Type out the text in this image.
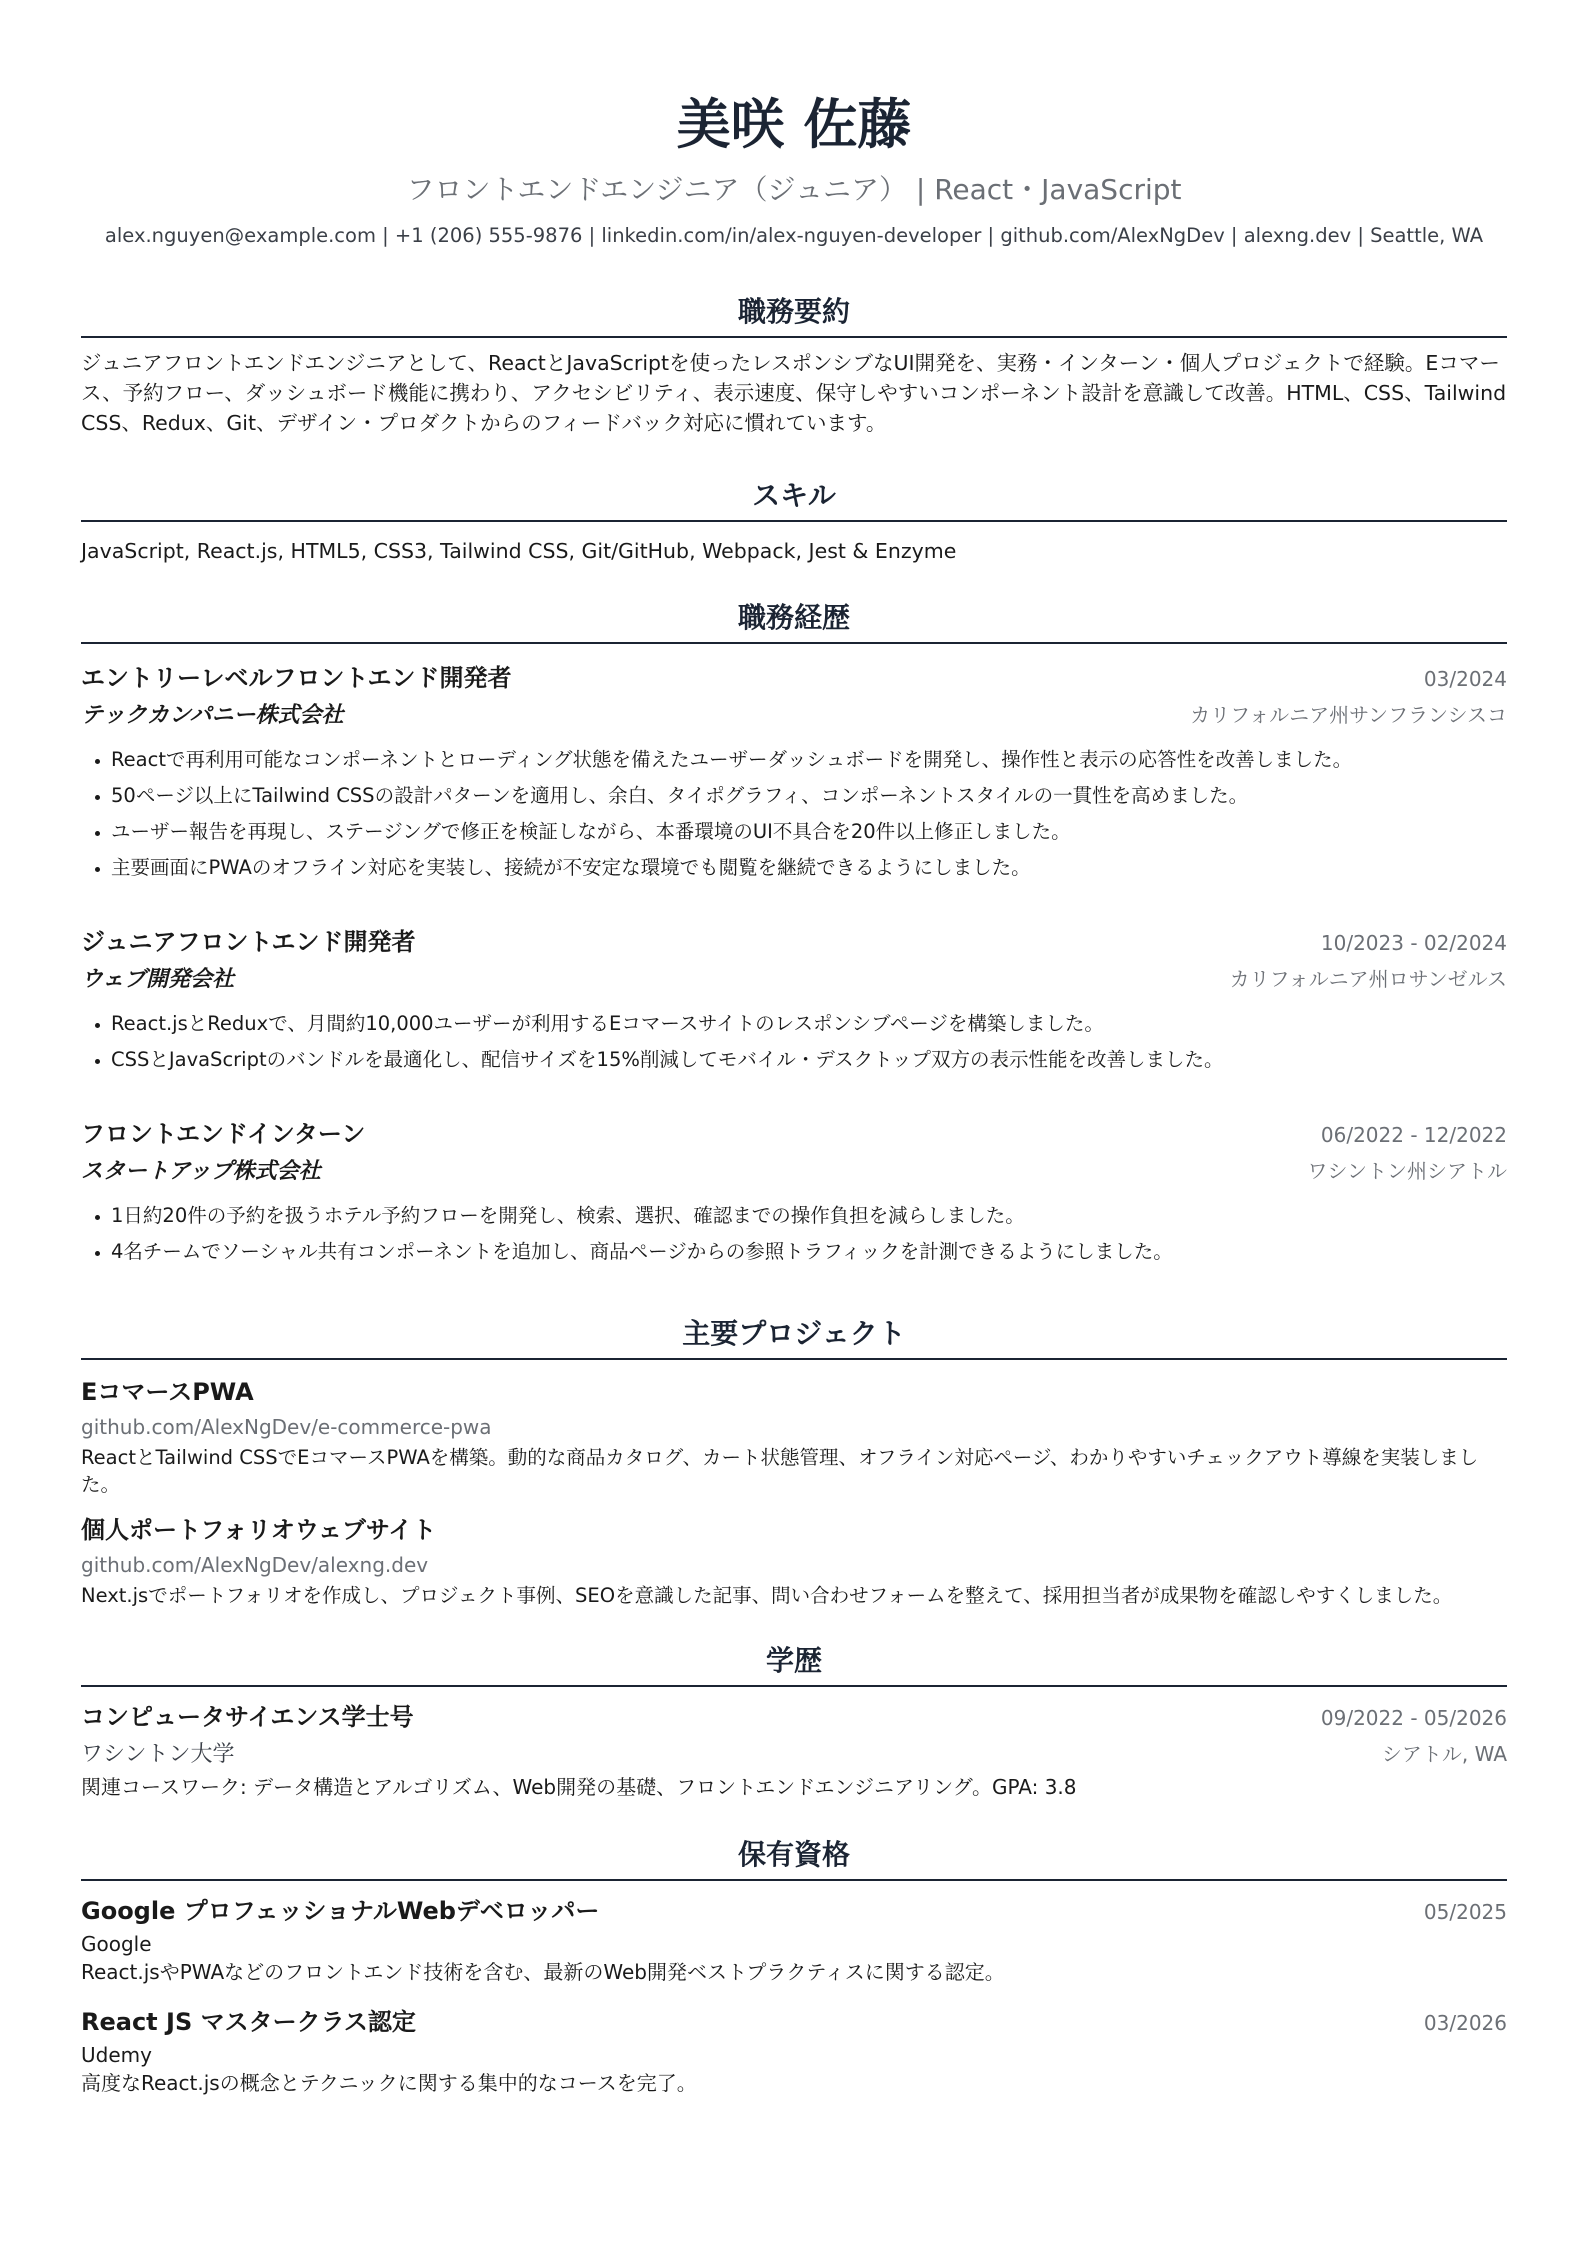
美咲 佐藤
フロントエンドエンジニア（ジュニア） | React・JavaScript
alex.nguyen@example.com | +1 (206) 555-9876 | linkedin.com/in/alex-nguyen-developer | github.com/AlexNgDev | alexng.dev | Seattle, WA
職務要約
ジュニアフロントエンドエンジニアとして、ReactとJavaScriptを使ったレスポンシブなUI開発を、実務・インターン・個人プロジェクトで経験。Eコマース、予約フロー、ダッシュボード機能に携わり、アクセシビリティ、表示速度、保守しやすいコンポーネント設計を意識して改善。HTML、CSS、Tailwind CSS、Redux、Git、デザイン・プロダクトからのフィードバック対応に慣れています。
スキル
JavaScript, React.js, HTML5, CSS3, Tailwind CSS, Git/GitHub, Webpack, Jest & Enzyme
職務経歴
エントリーレベルフロントエンド開発者	03/2024
テックカンパニー株式会社	カリフォルニア州サンフランシスコ
• Reactで再利用可能なコンポーネントとローディング状態を備えたユーザーダッシュボードを開発し、操作性と表示の応答性を改善しました。
• 50ページ以上にTailwind CSSの設計パターンを適用し、余白、タイポグラフィ、コンポーネントスタイルの一貫性を高めました。
• ユーザー報告を再現し、ステージングで修正を検証しながら、本番環境のUI不具合を20件以上修正しました。
• 主要画面にPWAのオフライン対応を実装し、接続が不安定な環境でも閲覧を継続できるようにしました。
ジュニアフロントエンド開発者	10/2023 - 02/2024
ウェブ開発会社	カリフォルニア州ロサンゼルス
• React.jsとReduxで、月間約10,000ユーザーが利用するEコマースサイトのレスポンシブページを構築しました。
• CSSとJavaScriptのバンドルを最適化し、配信サイズを15%削減してモバイル・デスクトップ双方の表示性能を改善しました。
フロントエンドインターン	06/2022 - 12/2022
スタートアップ株式会社	ワシントン州シアトル
• 1日約20件の予約を扱うホテル予約フローを開発し、検索、選択、確認までの操作負担を減らしました。
• 4名チームでソーシャル共有コンポーネントを追加し、商品ページからの参照トラフィックを計測できるようにしました。
主要プロジェクト
EコマースPWA
github.com/AlexNgDev/e-commerce-pwa
ReactとTailwind CSSでEコマースPWAを構築。動的な商品カタログ、カート状態管理、オフライン対応ページ、わかりやすいチェックアウト導線を実装しました。
個人ポートフォリオウェブサイト
github.com/AlexNgDev/alexng.dev
Next.jsでポートフォリオを作成し、プロジェクト事例、SEOを意識した記事、問い合わせフォームを整えて、採用担当者が成果物を確認しやすくしました。
学歴
コンピュータサイエンス学士号	09/2022 - 05/2026
ワシントン大学	シアトル, WA
関連コースワーク: データ構造とアルゴリズム、Web開発の基礎、フロントエンドエンジニアリング。GPA: 3.8
保有資格
Google プロフェッショナルWebデベロッパー	05/2025
Google
React.jsやPWAなどのフロントエンド技術を含む、最新のWeb開発ベストプラクティスに関する認定。
React JS マスタークラス認定	03/2026
Udemy
高度なReact.jsの概念とテクニックに関する集中的なコースを完了。
